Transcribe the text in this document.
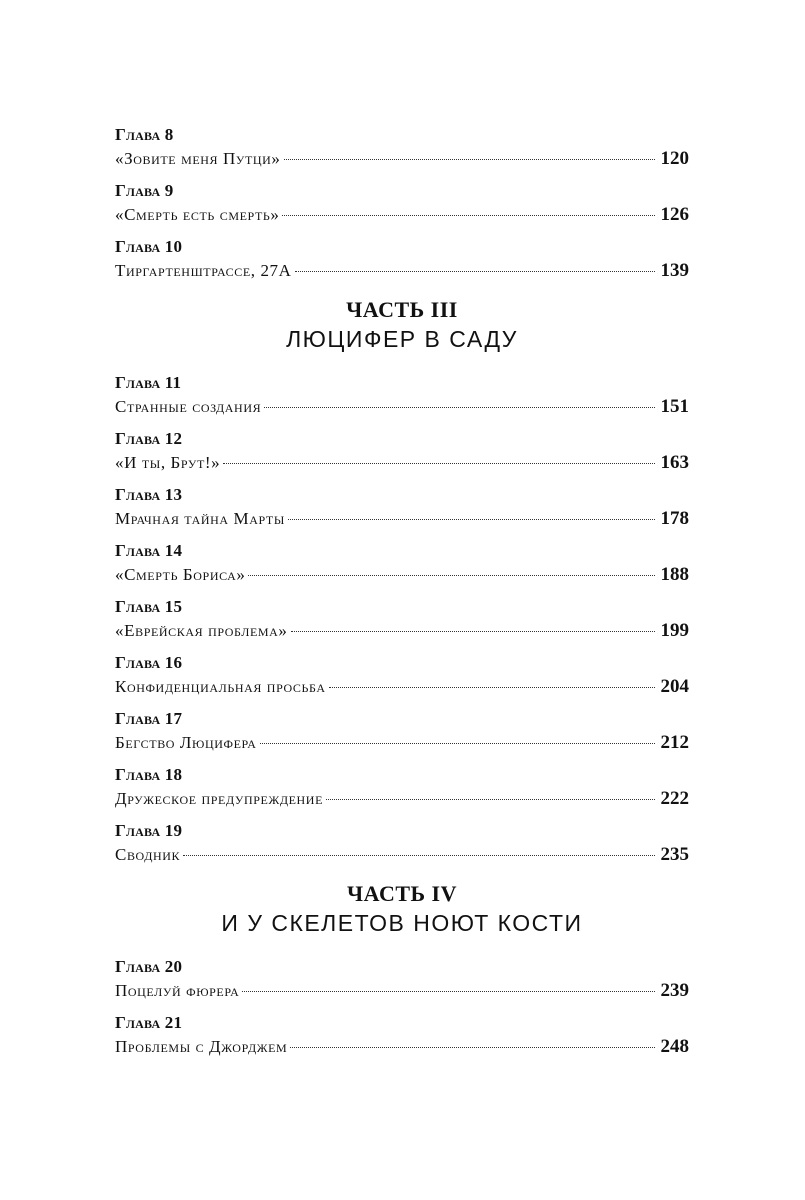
Глава 8
«Зовите меня Путци»	120
Глава 9
«Смерть есть смерть»	126
Глава 10
Тиргартенштрассе, 27А	139
ЧАСТЬ III
ЛЮЦИФЕР В САДУ
Глава 11
Странные создания	151
Глава 12
«И ты, Брут!»	163
Глава 13
Мрачная тайна Марты	178
Глава 14
«Смерть Бориса»	188
Глава 15
«Еврейская проблема»	199
Глава 16
Конфиденциальная просьба	204
Глава 17
Бегство Люцифера	212
Глава 18
Дружеское предупреждение	222
Глава 19
Сводник	235
ЧАСТЬ IV
И У СКЕЛЕТОВ НОЮТ КОСТИ
Глава 20
Поцелуй фюрера	239
Глава 21
Проблемы с Джорджем	248
